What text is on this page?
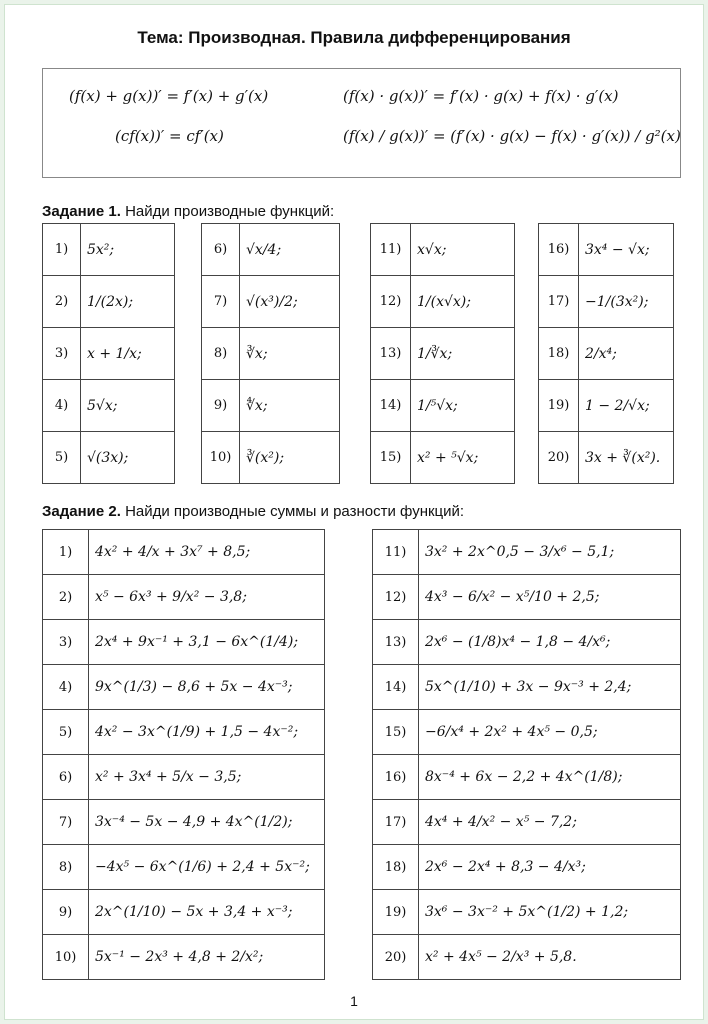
Тема: Производная. Правила дифференцирования
(f(x) + g(x))′ = f′(x) + g′(x)	(f(x) · g(x))′ = f′(x) · g(x) + f(x) · g′(x)
(cf(x))′ = cf′(x)	(f(x) / g(x))′ = (f′(x) · g(x) − f(x) · g′(x)) / g²(x)
Задание 1. Найди производные функций:
1)	5x²;
2)	1/(2x);
3)	x + 1/x;
4)	5√x;
5)	√(3x);
6)	√x/4;
7)	√(x³)/2;
8)	∛x;
9)	∜x;
10)	∛(x²);
11)	x√x;
12)	1/(x√x);
13)	1/∛x;
14)	1/⁵√x;
15)	x² + ⁵√x;
16)	3x⁴ − √x;
17)	−1/(3x²);
18)	2/x⁴;
19)	1 − 2/√x;
20)	3x + ∛(x²).
Задание 2. Найди производные суммы и разности функций:
1)	4x² + 4/x + 3x⁷ + 8,5;
2)	x⁵ − 6x³ + 9/x² − 3,8;
3)	2x⁴ + 9x⁻¹ + 3,1 − 6x^(1/4);
4)	9x^(1/3) − 8,6 + 5x − 4x⁻³;
5)	4x² − 3x^(1/9) + 1,5 − 4x⁻²;
6)	x² + 3x⁴ + 5/x − 3,5;
7)	3x⁻⁴ − 5x − 4,9 + 4x^(1/2);
8)	−4x⁵ − 6x^(1/6) + 2,4 + 5x⁻²;
9)	2x^(1/10) − 5x + 3,4 + x⁻³;
10)	5x⁻¹ − 2x³ + 4,8 + 2/x²;
11)	3x² + 2x^0,5 − 3/x⁶ − 5,1;
12)	4x³ − 6/x² − x⁵/10 + 2,5;
13)	2x⁶ − (1/8)x⁴ − 1,8 − 4/x⁶;
14)	5x^(1/10) + 3x − 9x⁻³ + 2,4;
15)	−6/x⁴ + 2x² + 4x⁵ − 0,5;
16)	8x⁻⁴ + 6x − 2,2 + 4x^(1/8);
17)	4x⁴ + 4/x² − x⁵ − 7,2;
18)	2x⁶ − 2x⁴ + 8,3 − 4/x³;
19)	3x⁶ − 3x⁻² + 5x^(1/2) + 1,2;
20)	x² + 4x⁵ − 2/x³ + 5,8.
1
